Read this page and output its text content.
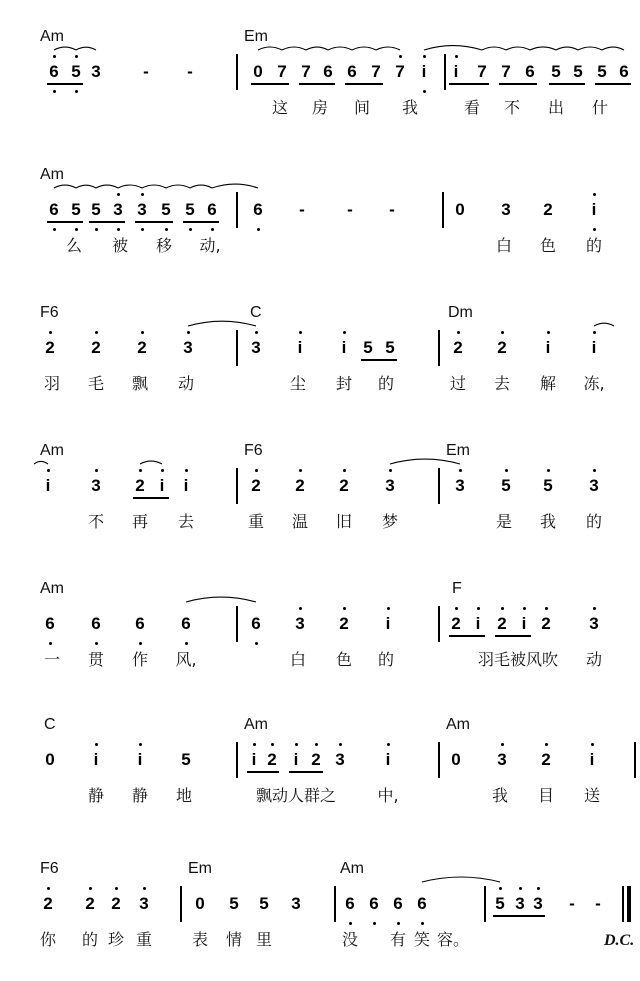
Am	Em
6 5 3	-	-	0 7 7 6 6 7 7 i	i	7 7 6 5 5 5 6
这 房 间 我	看 不 出 什
Am
6 5 5 3 3 5 5 6 6	-	-	-	0 3 2	i
么 被 移 动,	白 色 的
F6	C	Dm
2 2 2 3	3	i	i 5 5	2 2	i	i
羽 毛 飘 动	尘 封 的	过 去 解 冻,
Am	F6	Em
i	3 2 i	i	2 2 2 3	3 5 5 3
不 再 去	重 温 旧 梦	是 我 的
Am	F
6 6 6 6	6 3 2	i	2 i 2 i 2 3
一 贯 作 风,	白 色 的	羽毛被风吹	动
C	Am	Am
0	i	i	5	i 2 i 2 3	i	0 3 2	i
静 静 地	飘动人群之	中,	我 目 送
F6	Em	Am
2 2 2 3	0 5 5 3	6 6 6 6	5 3 3	-	-
你 的 珍 重 表 情 里	没 有 笑 容。	D.C.
